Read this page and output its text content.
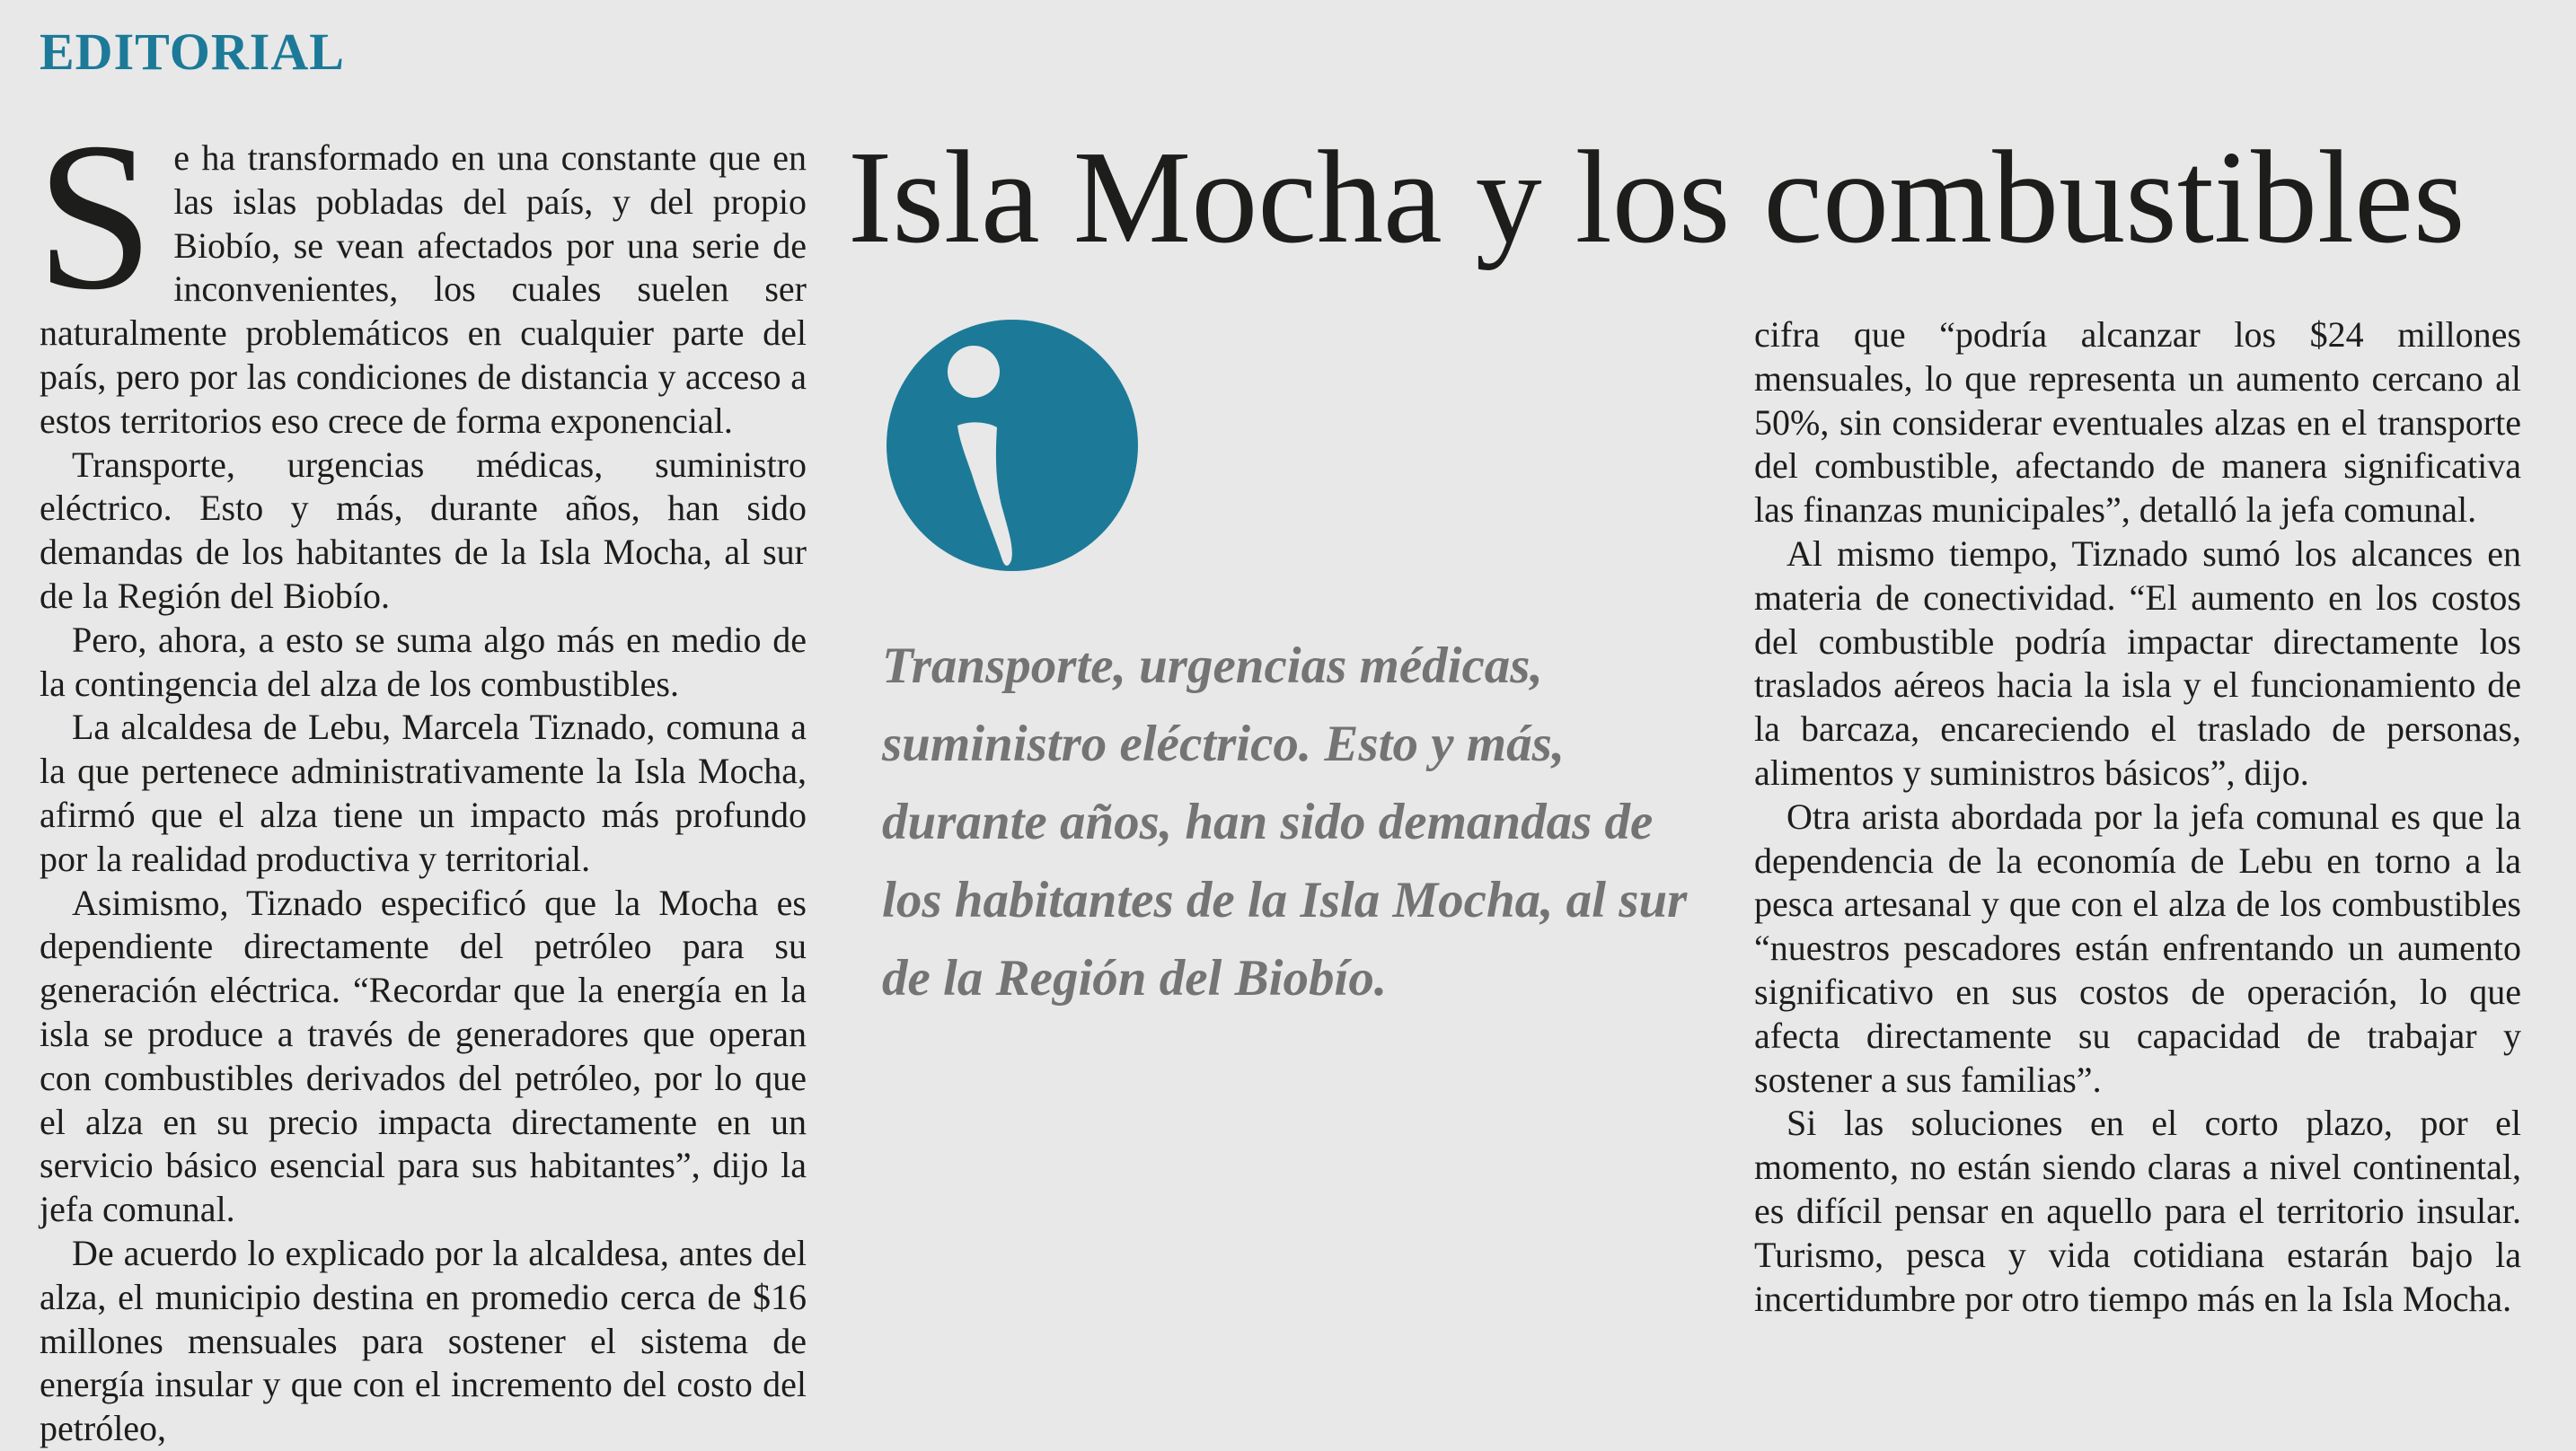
EDITORIAL
Isla Mocha y los combustibles

Se ha transformado en una constante que en las islas pobladas del país, y del propio Biobío, se vean afectados por una serie de inconvenientes, los cuales suelen ser naturalmente problemáticos en cualquier parte del país, pero por las condiciones de distancia y acceso a estos territorios eso crece de forma exponencial.

Transporte, urgencias médicas, suministro eléctrico. Esto y más, durante años, han sido demandas de los habitantes de la Isla Mocha, al sur de la Región del Biobío.

Pero, ahora, a esto se suma algo más en medio de la contingencia del alza de los combustibles.

La alcaldesa de Lebu, Marcela Tiznado, comuna a la que pertenece administrativamente la Isla Mocha, afirmó que el alza tiene un impacto más profundo por la realidad productiva y territorial.

Asimismo, Tiznado especificó que la Mocha es dependiente directamente del petróleo para su generación eléctrica. “Recordar que la energía en la isla se produce a través de generadores que operan con combustibles derivados del petróleo, por lo que el alza en su precio impacta directamente en un servicio básico esencial para sus habitantes”, dijo la jefa comunal.

De acuerdo lo explicado por la alcaldesa, antes del alza, el municipio destina en promedio cerca de $16 millones mensuales para sostener el sistema de energía insular y que con el incremento del costo del petróleo,

Transporte, urgencias médicas, suministro eléctrico. Esto y más, durante años, han sido demandas de los habitantes de la Isla Mocha, al sur de la Región del Biobío.

cifra que “podría alcanzar los $24 millones mensuales, lo que representa un aumento cercano al 50%, sin considerar eventuales alzas en el transporte del combustible, afectando de manera significativa las finanzas municipales”, detalló la jefa comunal.

Al mismo tiempo, Tiznado sumó los alcances en materia de conectividad. “El aumento en los costos del combustible podría impactar directamente los traslados aéreos hacia la isla y el funcionamiento de la barcaza, encareciendo el traslado de personas, alimentos y suministros básicos”, dijo.

Otra arista abordada por la jefa comunal es que la dependencia de la economía de Lebu en torno a la pesca artesanal y que con el alza de los combustibles “nuestros pescadores están enfrentando un aumento significativo en sus costos de operación, lo que afecta directamente su capacidad de trabajar y sostener a sus familias”.

Si las soluciones en el corto plazo, por el momento, no están siendo claras a nivel continental, es difícil pensar en aquello para el territorio insular. Turismo, pesca y vida cotidiana estarán bajo la incertidumbre por otro tiempo más en la Isla Mocha.
